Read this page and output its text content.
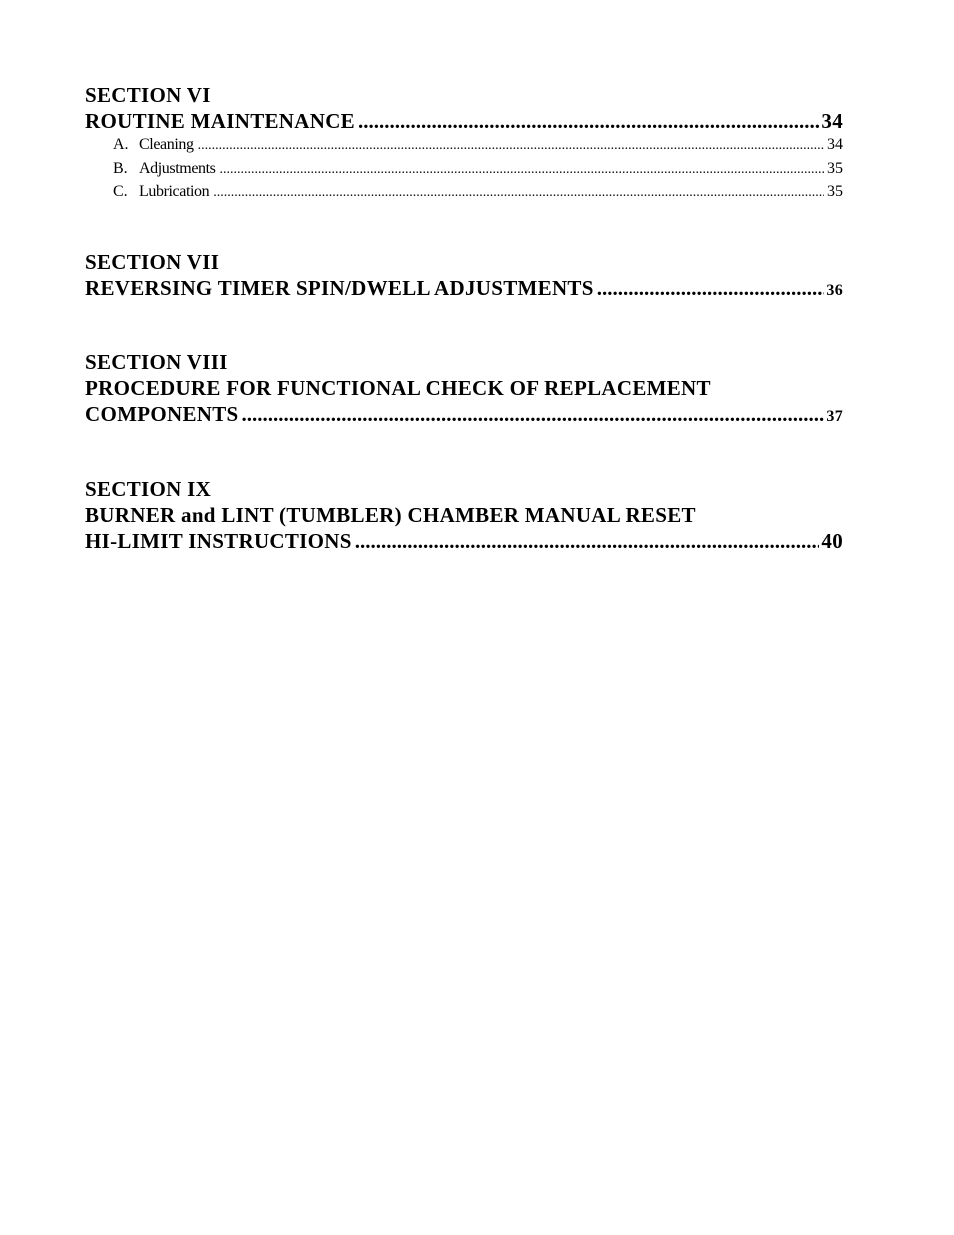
SECTION VI
ROUTINE MAINTENANCE .....	34
A. Cleaning .....	34
B. Adjustments .....	35
C. Lubrication .....	35
SECTION VII
REVERSING TIMER SPIN/DWELL ADJUSTMENTS .....	36
SECTION VIII
PROCEDURE FOR FUNCTIONAL CHECK OF REPLACEMENT
COMPONENTS .....	37
SECTION IX
BURNER and LINT (TUMBLER) CHAMBER MANUAL RESET
HI-LIMIT INSTRUCTIONS .....	40
